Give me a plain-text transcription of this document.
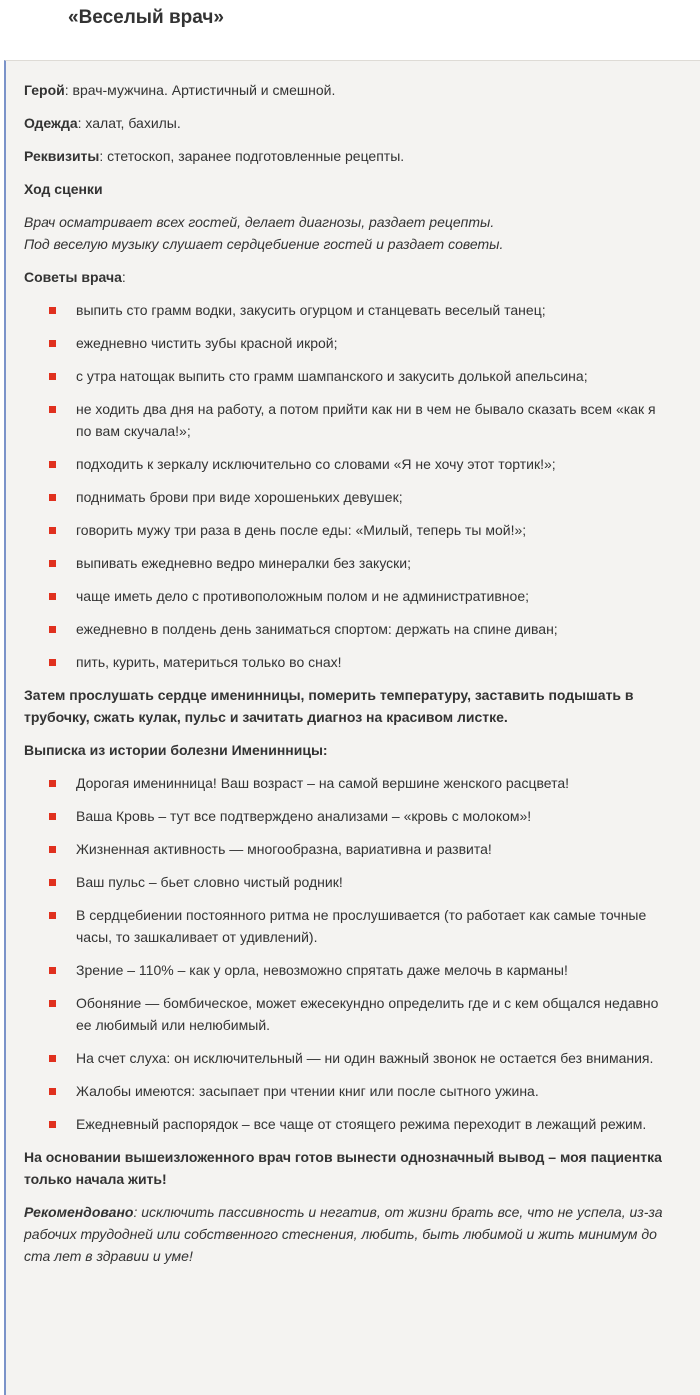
«Веселый врач»

Герой: врач-мужчина. Артистичный и смешной.

Одежда: халат, бахилы.

Реквизиты: стетоскоп, заранее подготовленные рецепты.

Ход сценки

Врач осматривает всех гостей, делает диагнозы, раздает рецепты.
Под веселую музыку слушает сердцебиение гостей и раздает советы.

Советы врача:

выпить сто грамм водки, закусить огурцом и станцевать веселый танец;
ежедневно чистить зубы красной икрой;
с утра натощак выпить сто грамм шампанского и закусить долькой апельсина;
не ходить два дня на работу, а потом прийти как ни в чем не бывало сказать всем «как я по вам скучала!»;
подходить к зеркалу исключительно со словами «Я не хочу этот тортик!»;
поднимать брови при виде хорошеньких девушек;
говорить мужу три раза в день после еды: «Милый, теперь ты мой!»;
выпивать ежедневно ведро минералки без закуски;
чаще иметь дело с противоположным полом и не административное;
ежедневно в полдень день заниматься спортом: держать на спине диван;
пить, курить, материться только во снах!

Затем прослушать сердце именинницы, померить температуру, заставить подышать в трубочку, сжать кулак, пульс и зачитать диагноз на красивом листке.

Выписка из истории болезни Именинницы:

Дорогая именинница! Ваш возраст – на самой вершине женского расцвета!
Ваша Кровь – тут все подтверждено анализами – «кровь с молоком»!
Жизненная активность — многообразна, вариативна и развита!
Ваш пульс – бьет словно чистый родник!
В сердцебиении постоянного ритма не прослушивается (то работает как самые точные часы, то зашкаливает от удивлений).
Зрение – 110% – как у орла, невозможно спрятать даже мелочь в карманы!
Обоняние — бомбическое, может ежесекундно определить где и с кем общался недавно ее любимый или нелюбимый.
На счет слуха: он исключительный — ни один важный звонок не остается без внимания.
Жалобы имеются: засыпает при чтении книг или после сытного ужина.
Ежедневный распорядок – все чаще от стоящего режима переходит в лежащий режим.

На основании вышеизложенного врач готов вынести однозначный вывод – моя пациентка только начала жить!

Рекомендовано: исключить пассивность и негатив, от жизни брать все, что не успела, из-за рабочих трудодней или собственного стеснения, любить, быть любимой и жить минимум до ста лет в здравии и уме!
